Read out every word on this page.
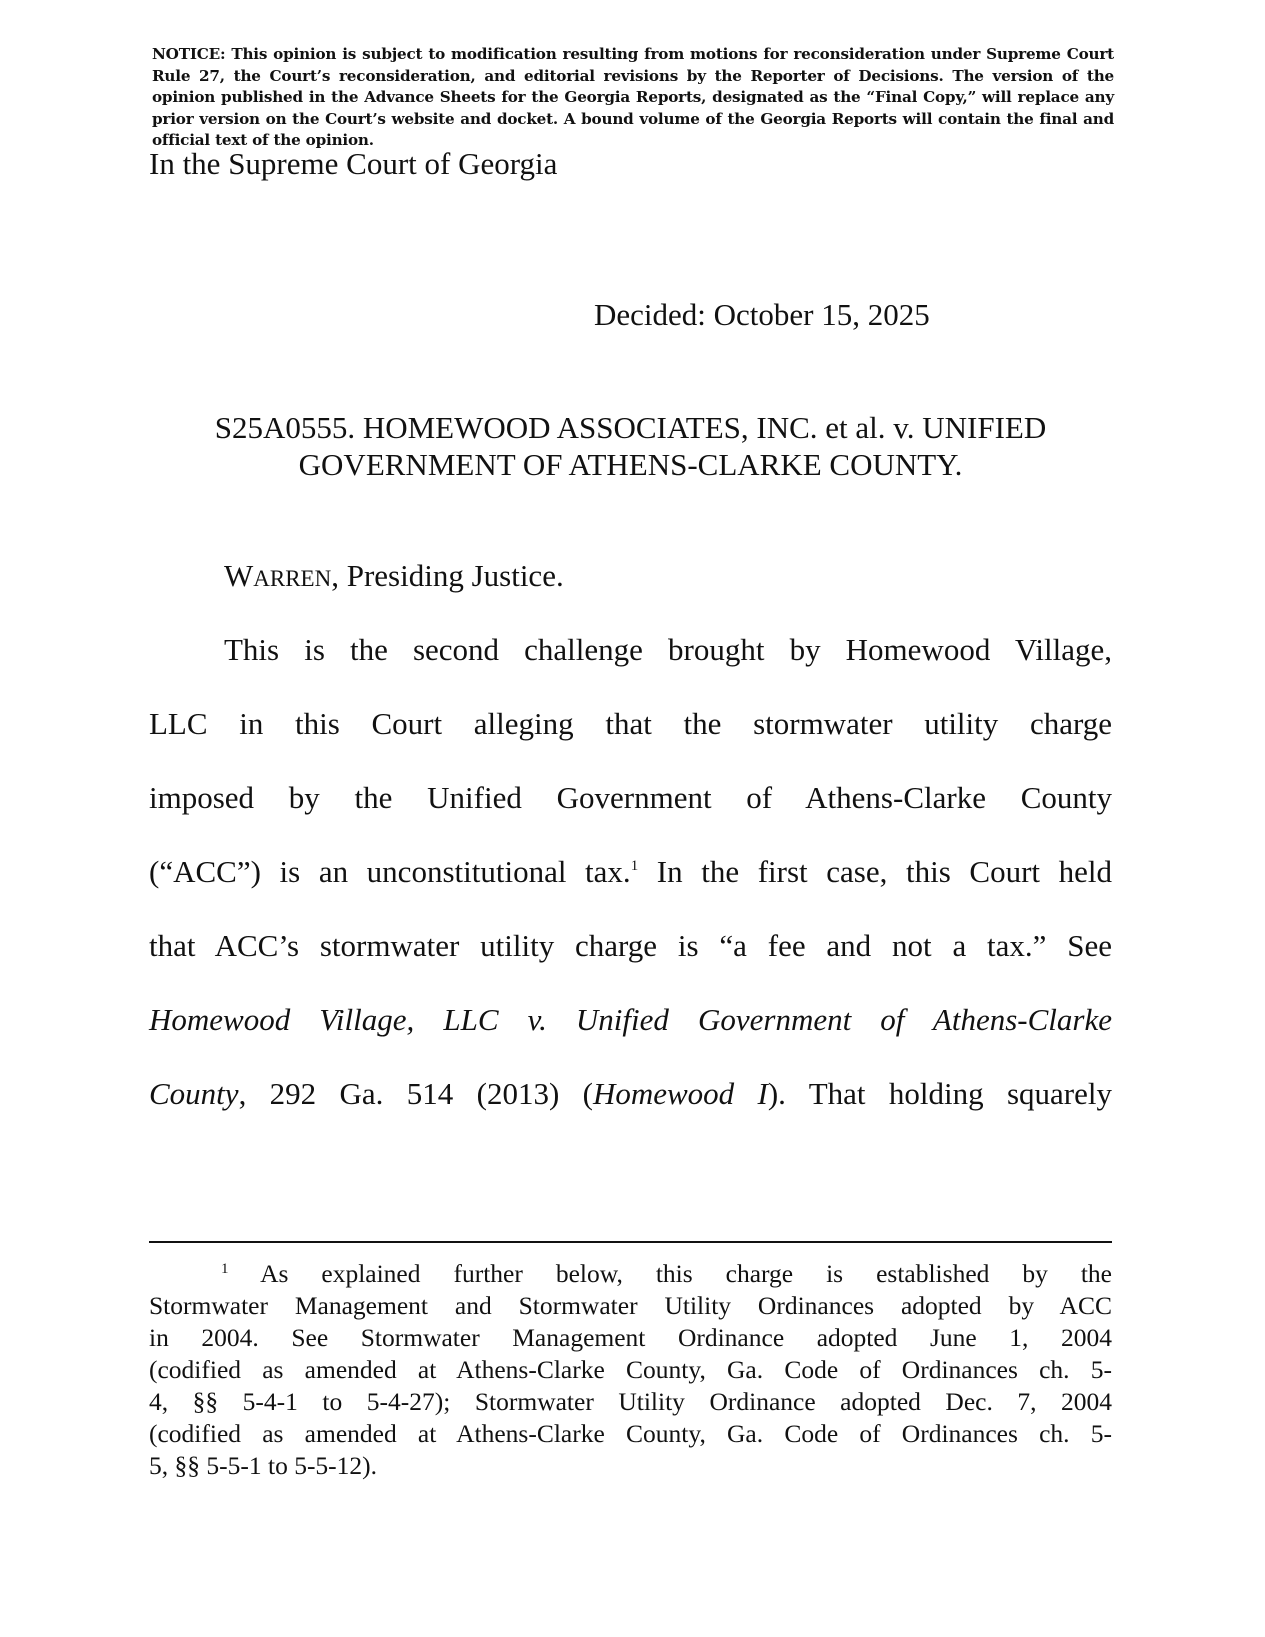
NOTICE: This opinion is subject to modification resulting from motions for reconsideration under Supreme Court
Rule 27, the Court’s reconsideration, and editorial revisions by the Reporter of Decisions. The version of the
opinion published in the Advance Sheets for the Georgia Reports, designated as the “Final Copy,” will replace any
prior version on the Court’s website and docket. A bound volume of the Georgia Reports will contain the final and
official text of the opinion.
In the Supreme Court of Georgia
Decided: October 15, 2025
S25A0555. HOMEWOOD ASSOCIATES, INC. et al. v. UNIFIED
GOVERNMENT OF ATHENS-CLARKE COUNTY.
WARREN, Presiding Justice.
This is the second challenge brought by Homewood Village,
LLC in this Court alleging that the stormwater utility charge
imposed by the Unified Government of Athens-Clarke County
(“ACC”) is an unconstitutional tax.$^1$ In the first case, this Court held
that ACC’s stormwater utility charge is “a fee and not a tax.” See
Homewood Village, LLC v. Unified Government of Athens-Clarke
County, 292 Ga. 514 (2013) (Homewood I). That holding squarely
$^1$ As explained further below, this charge is established by the
Stormwater Management and Stormwater Utility Ordinances adopted by ACC
in 2004. See Stormwater Management Ordinance adopted June 1, 2004
(codified as amended at Athens-Clarke County, Ga. Code of Ordinances ch. 5-
4, §§ 5-4-1 to 5-4-27); Stormwater Utility Ordinance adopted Dec. 7, 2004
(codified as amended at Athens-Clarke County, Ga. Code of Ordinances ch. 5-
5, §§ 5-5-1 to 5-5-12).
